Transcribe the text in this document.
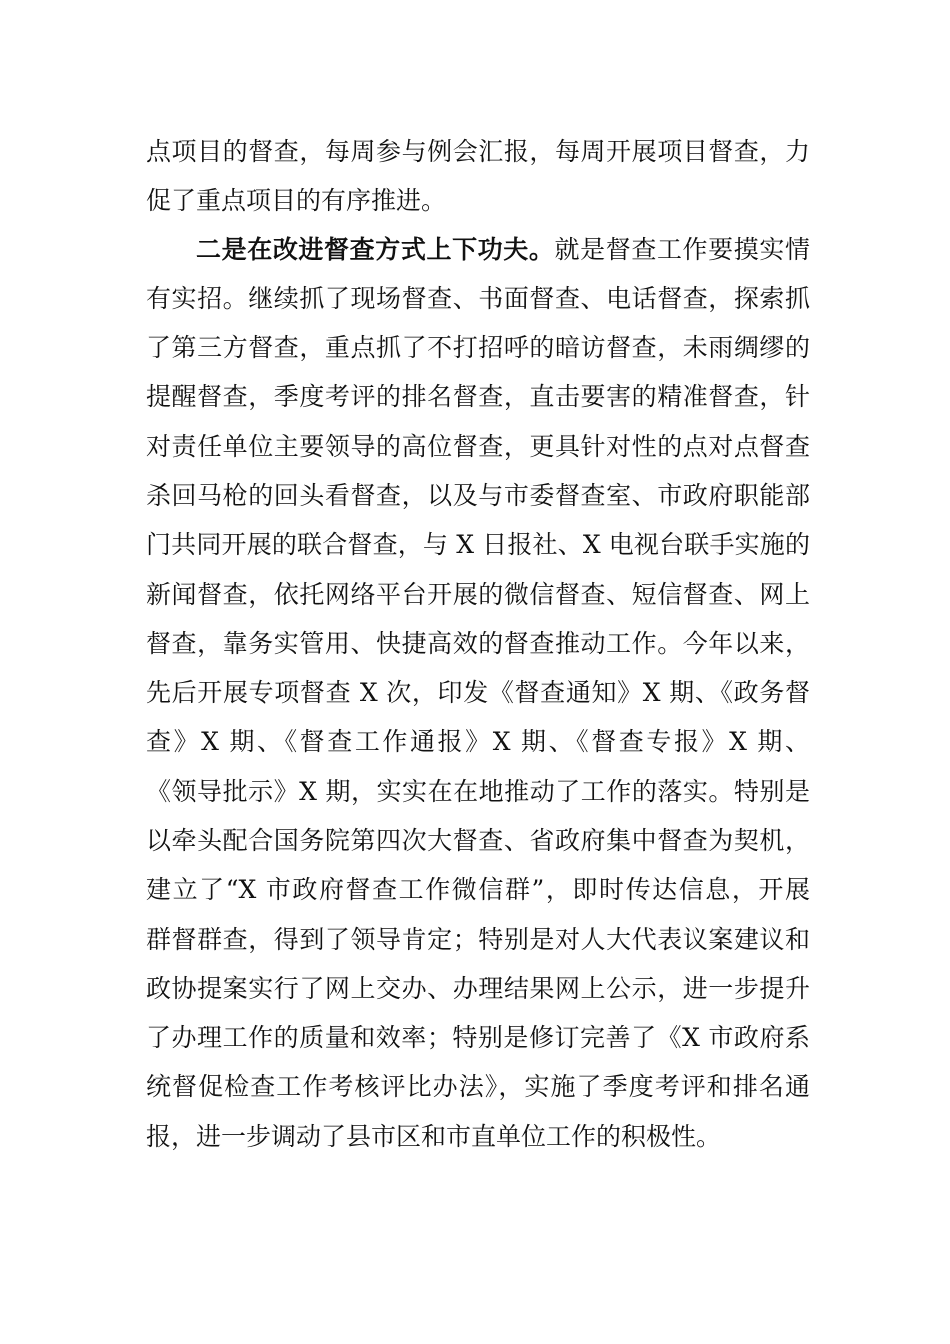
点项目的督查，每周参与例会汇报，每周开展项目督查，力
促了重点项目的有序推进。
二是在改进督查方式上下功夫。就是督查工作要摸实情
有实招。继续抓了现场督查、书面督查、电话督查，探索抓
了第三方督查，重点抓了不打招呼的暗访督查，未雨绸缪的
提醒督查，季度考评的排名督查，直击要害的精准督查，针
对责任单位主要领导的高位督查，更具针对性的点对点督查
杀回马枪的回头看督查，以及与市委督查室、市政府职能部
门共同开展的联合督查，与 X 日报社、X 电视台联手实施的
新闻督查，依托网络平台开展的微信督查、短信督查、网上
督查，靠务实管用、快捷高效的督查推动工作。今年以来，
先后开展专项督查 X 次，印发《督查通知》X 期、《政务督
查》X 期、《督查工作通报》X 期、《督查专报》X 期、
《领导批示》X 期，实实在在地推动了工作的落实。特别是
以牵头配合国务院第四次大督查、省政府集中督查为契机，
建立了“X 市政府督查工作微信群”，即时传达信息，开展
群督群查，得到了领导肯定；特别是对人大代表议案建议和
政协提案实行了网上交办、办理结果网上公示，进一步提升
了办理工作的质量和效率；特别是修订完善了《X 市政府系
统督促检查工作考核评比办法》，实施了季度考评和排名通
报，进一步调动了县市区和市直单位工作的积极性。
